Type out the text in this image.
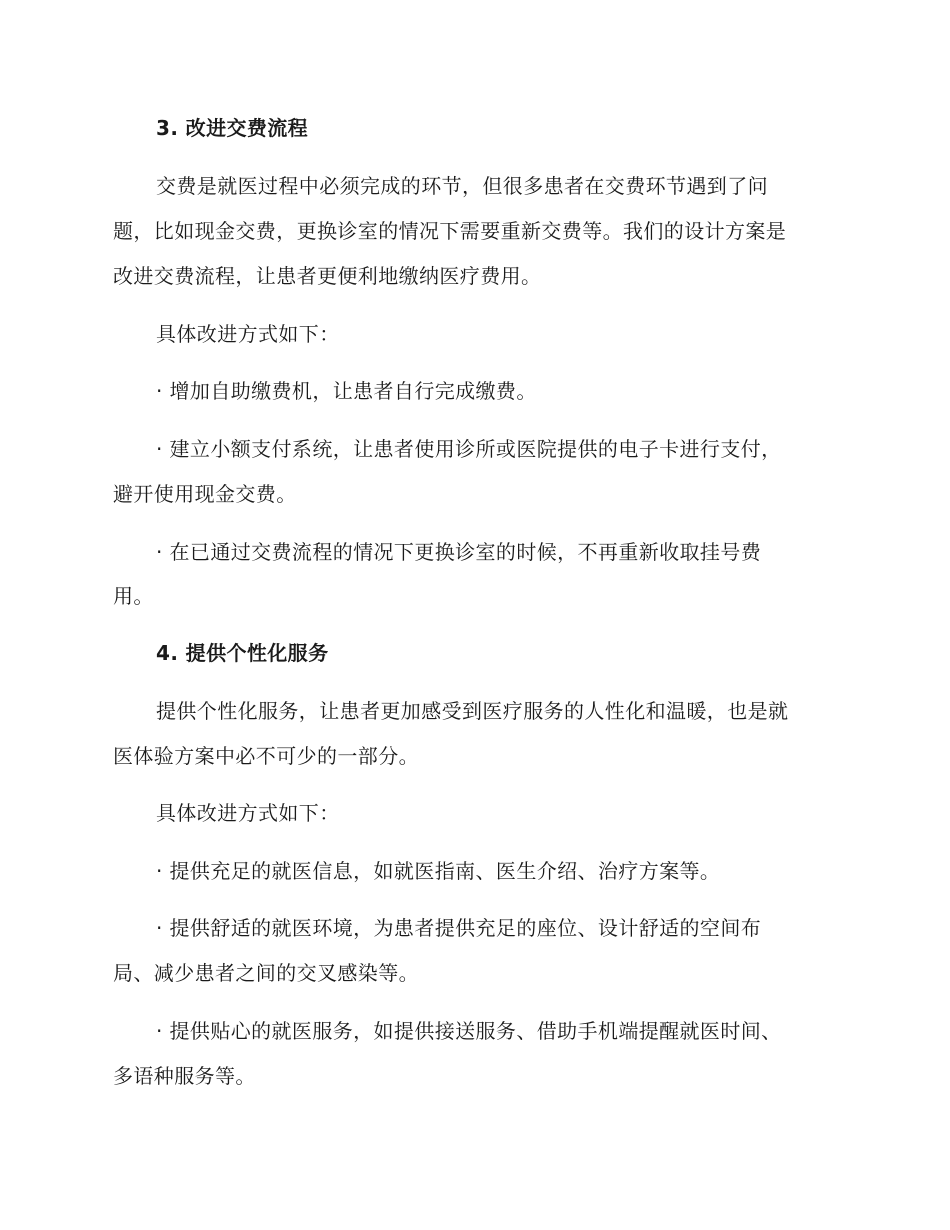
3. 改进交费流程
交费是就医过程中必须完成的环节，但很多患者在交费环节遇到了问
题，比如现金交费，更换诊室的情况下需要重新交费等。我们的设计方案是
改进交费流程，让患者更便利地缴纳医疗费用。
具体改进方式如下：
· 增加自助缴费机，让患者自行完成缴费。
· 建立小额支付系统，让患者使用诊所或医院提供的电子卡进行支付，
避开使用现金交费。
· 在已通过交费流程的情况下更换诊室的时候，不再重新收取挂号费
用。
4. 提供个性化服务
提供个性化服务，让患者更加感受到医疗服务的人性化和温暖，也是就
医体验方案中必不可少的一部分。
具体改进方式如下：
· 提供充足的就医信息，如就医指南、医生介绍、治疗方案等。
· 提供舒适的就医环境，为患者提供充足的座位、设计舒适的空间布
局、减少患者之间的交叉感染等。
· 提供贴心的就医服务，如提供接送服务、借助手机端提醒就医时间、
多语种服务等。
